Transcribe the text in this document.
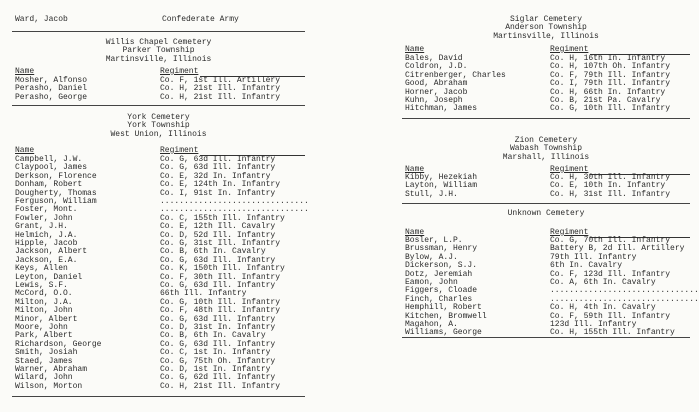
Ward, Jacob	Confederate Army
Willis Chapel Cemetery
Parker Township
Martinsville, Illinois
Name	Regiment
Mosher, Alfonso	Co. F, 1st Ill. Artillery
Perasho, Daniel	Co. H, 21st Ill. Infantry
Perasho, George	Co. H, 21st Ill. Infantry
York Cemetery
York Township
West Union, Illinois
Name	Regiment
Campbell, J.W.	Co. G, 63d Ill. Infantry
Claypool, James	Co. G, 63d Ill. Infantry
Derkson, Florence	Co. E, 32d In. Infantry
Donham, Robert	Co. E, 124th In. Infantry
Dougherty, Thomas	Co. I, 91st In. Infantry
Ferguson, William	...............................
Foster, Mont.	...............................
Fowler, John	Co. C, 155th Ill. Infantry
Grant, J.H.	Co. E, 12th Ill. Cavalry
Helmich, J.A.	Co. D, 52d Ill. Infantry
Hipple, Jacob	Co. G, 31st Ill. Infantry
Jackson, Albert	Co. B, 6th In. Cavalry
Jackson, E.A.	Co. G, 63d Ill. Infantry
Keys, Allen	Co. K, 150th Ill. Infantry
Leyton, Daniel	Co. F, 30th Ill. Infantry
Lewis, S.F.	Co. G, 63d Ill. Infantry
McCord, O.O.	66th Ill. Infantry
Milton, J.A.	Co. G, 10th Ill. Infantry
Milton, John	Co. F, 48th Ill. Infantry
Minor, Albert	Co. G, 63d Ill. Infantry
Moore, John	Co. D, 31st In. Infantry
Park, Albert	Co. B, 6th In. Cavalry
Richardson, George	Co. G, 63d Ill. Infantry
Smith, Josiah	Co. C, 1st In. Infantry
Staed, James	Co. G, 75th Oh. Infantry
Warner, Abraham	Co. D, 1st In. Infantry
Wilard, John	Co. G, 62d Ill. Infantry
Wilson, Morton	Co. H, 21st Ill. Infantry
Siglar Cemetery
Anderson Township
Martinsville, Illinois
Name	Regiment
Bales, David	Co. H, 16th In. Infantry
Coldron, J.D.	Co. H, 107th Oh. Infantry
Citrenberger, Charles	Co. F, 79th Ill. Infantry
Good, Abraham	Co. I, 79th Ill. Infantry
Horner, Jacob	Co. H, 66th In. Infantry
Kuhn, Joseph	Co. B, 21st Pa. Cavalry
Hitchman, James	Co. G, 10th Ill. Infantry
Zion Cemetery
Wabash Township
Marshall, Illinois
Name	Regiment
Kibby, Hezekiah	Co. H, 30th Ill. Infantry
Layton, William	Co. E, 10th In. Infantry
Stull, J.H.	Co. H, 31st Ill. Infantry
Unknown Cemetery
Name	Regiment
Bosler, L.P.	Co. G, 70th Ill. Infantry
Brussman, Henry	Battery B, 2d Ill. Artillery
Bylow, A.J.	79th Ill. Infantry
Dickerson, S.J.	6th In. Cavalry
Dotz, Jeremiah	Co. F, 123d Ill. Infantry
Eamon, John	Co. A, 6th In. Cavalry
Figgers, Cloade	...............................
Finch, Charles	...............................
Hemphill, Robert	Co. H, 4th In. Cavalry
Kitchen, Bromwell	Co. F, 59th Ill. Infantry
Magahon, A.	123d Ill. Infantry
Williams, George	Co. H, 155th Ill. Infantry
